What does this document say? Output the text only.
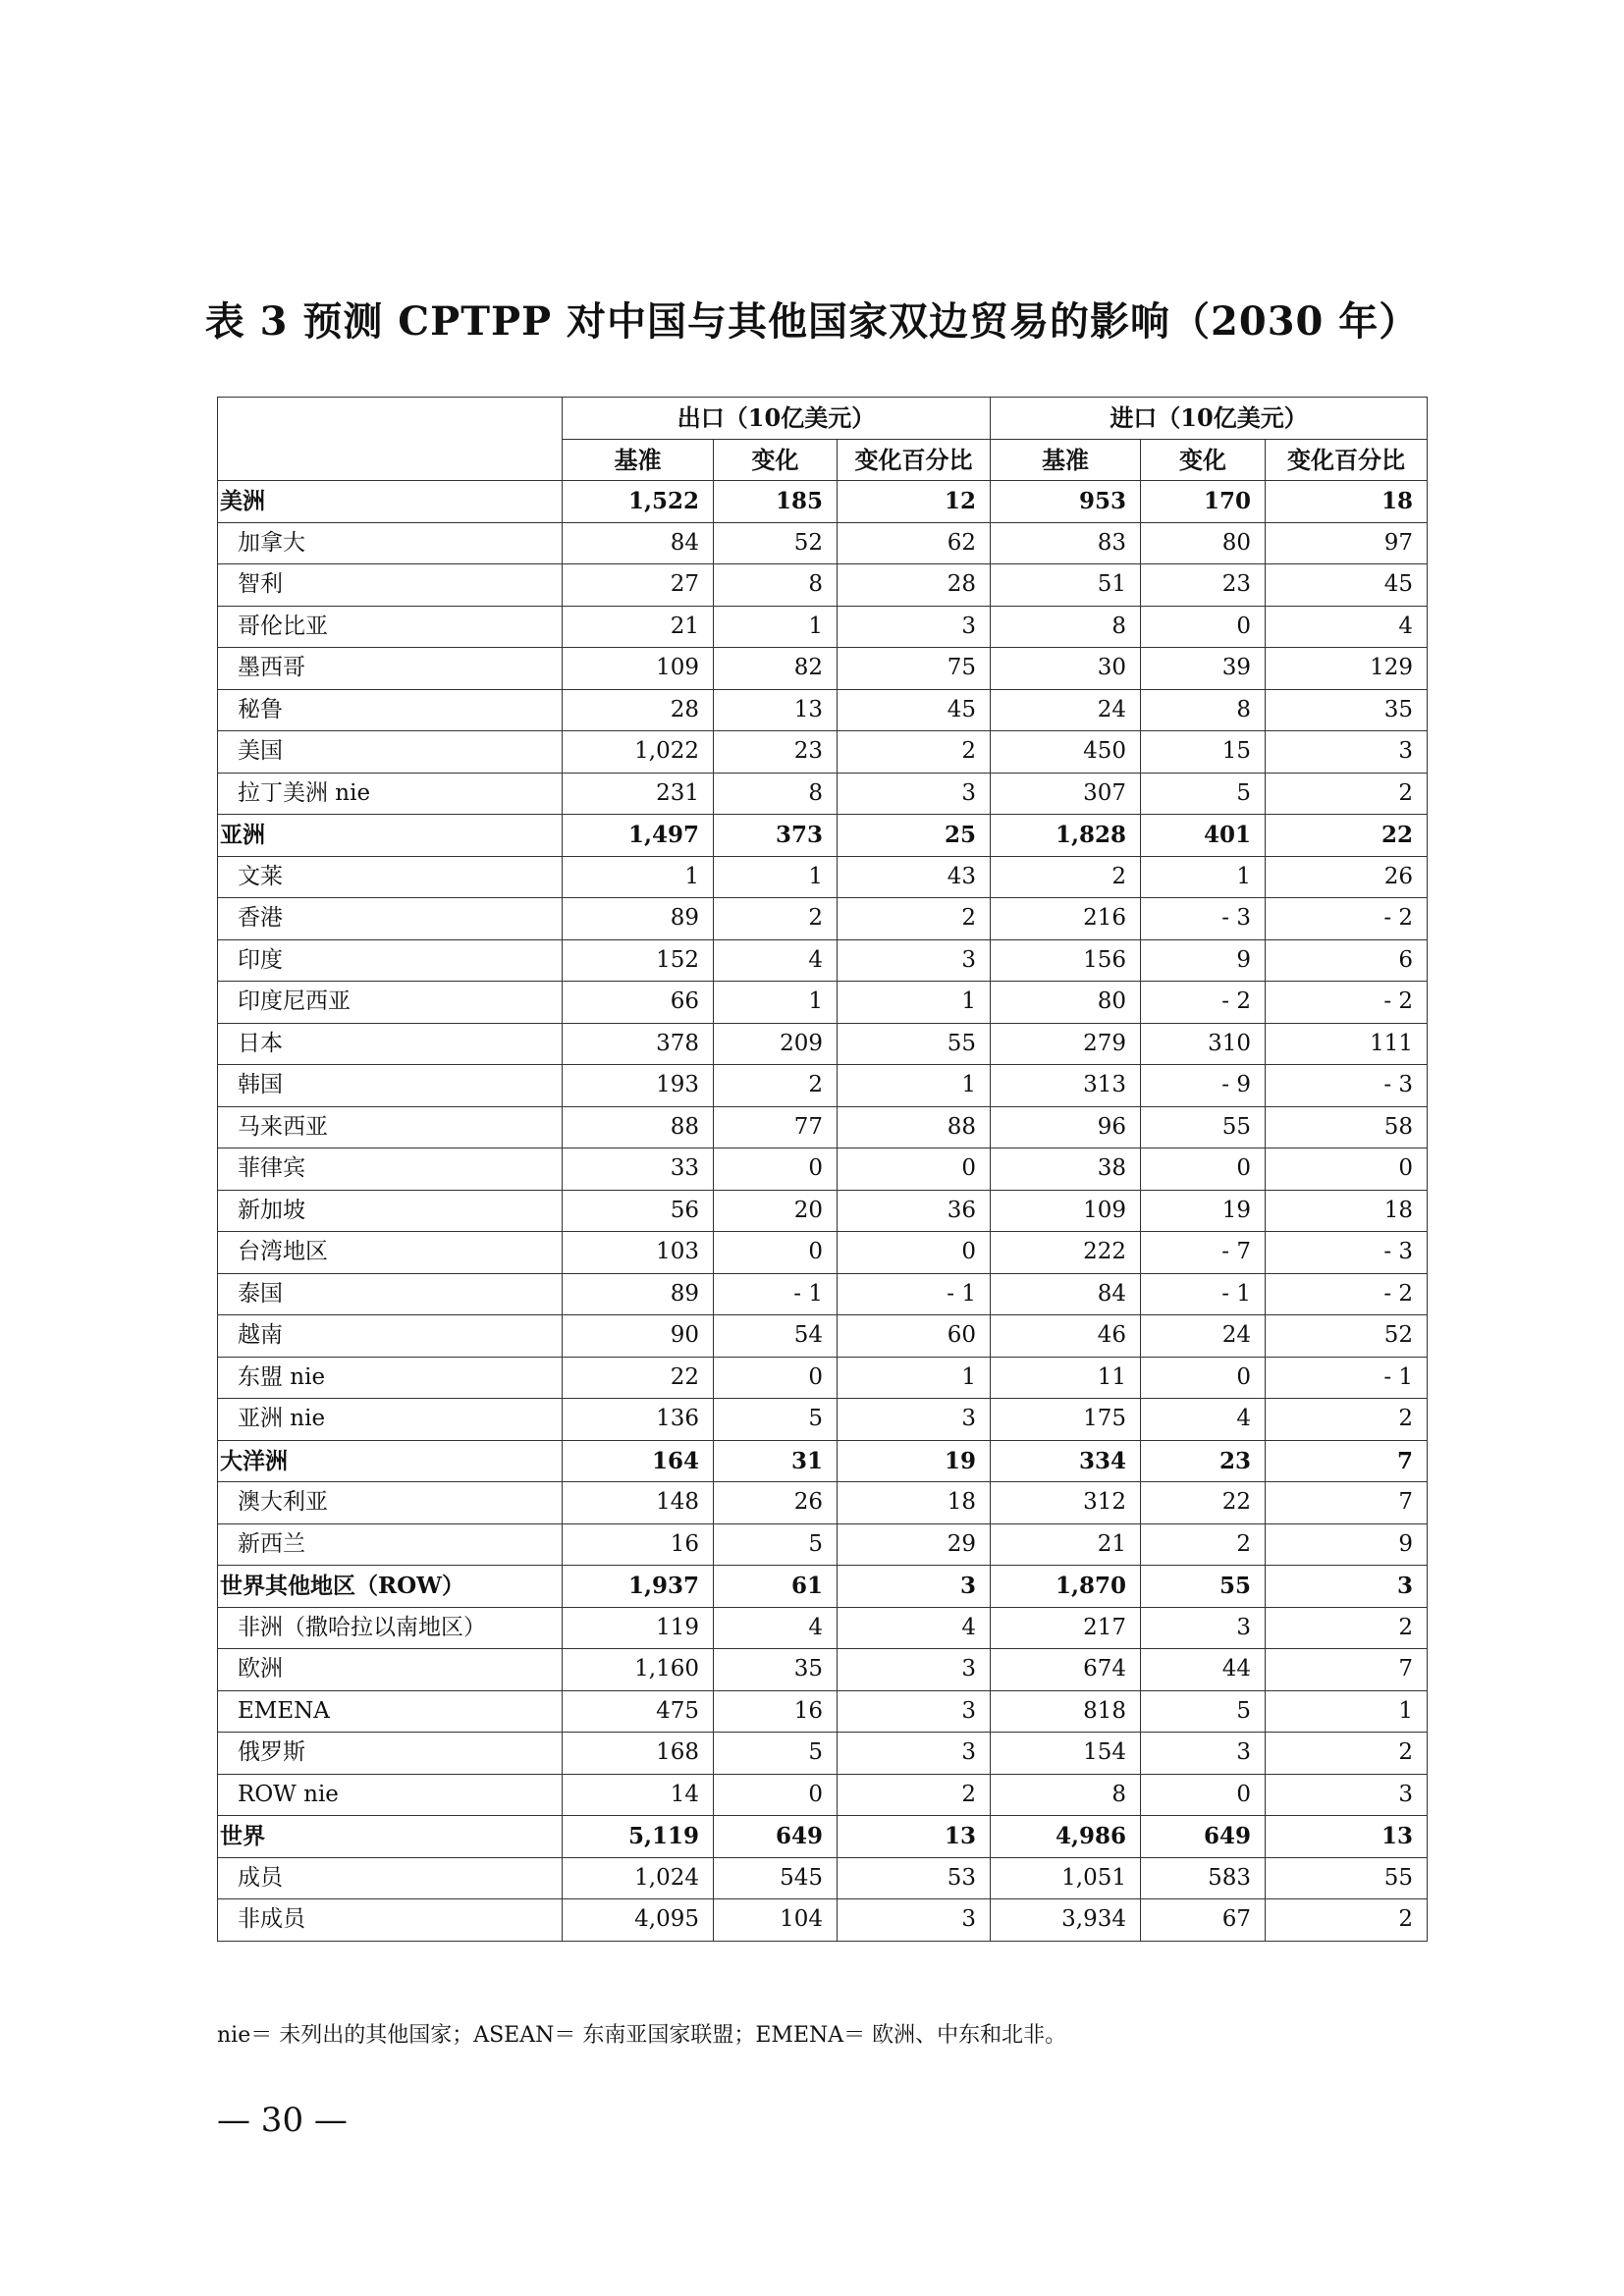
表 3 预测 CPTPP 对中国与其他国家双边贸易的影响（2030 年）
	出口（10亿美元）			进口（10亿美元）		
	基准	变化	变化百分比	基准	变化	变化百分比
美洲	1,522	185	12	953	170	18
加拿大	84	52	62	83	80	97
智利	27	8	28	51	23	45
哥伦比亚	21	1	3	8	0	4
墨西哥	109	82	75	30	39	129
秘鲁	28	13	45	24	8	35
美国	1,022	23	2	450	15	3
拉丁美洲 nie	231	8	3	307	5	2
亚洲	1,497	373	25	1,828	401	22
文莱	1	1	43	2	1	26
香港	89	2	2	216	- 3	- 2
印度	152	4	3	156	9	6
印度尼西亚	66	1	1	80	- 2	- 2
日本	378	209	55	279	310	111
韩国	193	2	1	313	- 9	- 3
马来西亚	88	77	88	96	55	58
菲律宾	33	0	0	38	0	0
新加坡	56	20	36	109	19	18
台湾地区	103	0	0	222	- 7	- 3
泰国	89	- 1	- 1	84	- 1	- 2
越南	90	54	60	46	24	52
东盟 nie	22	0	1	11	0	- 1
亚洲 nie	136	5	3	175	4	2
大洋洲	164	31	19	334	23	7
澳大利亚	148	26	18	312	22	7
新西兰	16	5	29	21	2	9
世界其他地区（ROW）	1,937	61	3	1,870	55	3
非洲（撒哈拉以南地区）	119	4	4	217	3	2
欧洲	1,160	35	3	674	44	7
EMENA	475	16	3	818	5	1
俄罗斯	168	5	3	154	3	2
ROW nie	14	0	2	8	0	3
世界	5,119	649	13	4,986	649	13
成员	1,024	545	53	1,051	583	55
非成员	4,095	104	3	3,934	67	2
nie＝ 未列出的其他国家；ASEAN＝ 东南亚国家联盟；EMENA＝ 欧洲、中东和北非。
— 30 —
